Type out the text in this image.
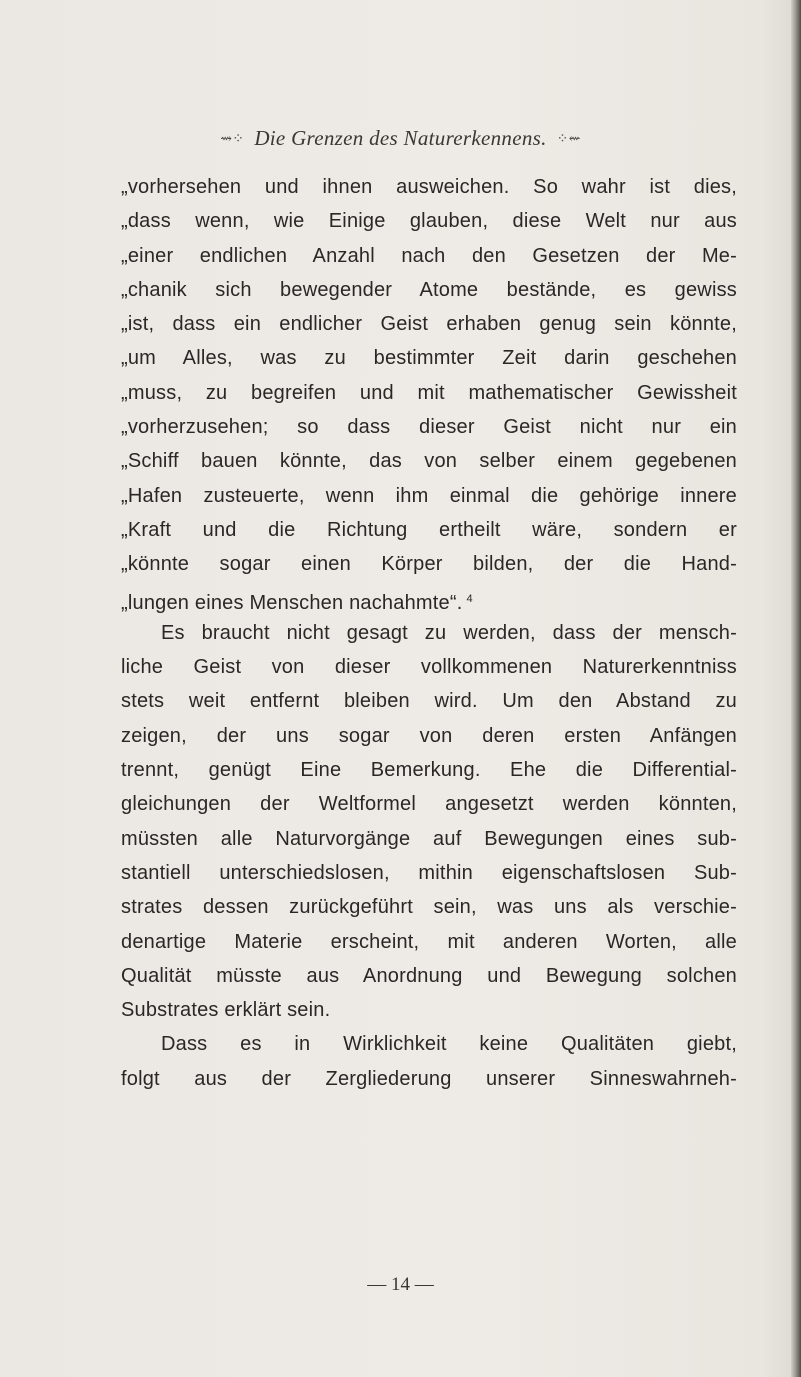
⇝⁘ Die Grenzen des Naturerkennens. ⁘⇜
„vorhersehen und ihnen ausweichen. So wahr ist dies,
„dass wenn, wie Einige glauben, diese Welt nur aus
„einer endlichen Anzahl nach den Gesetzen der Me-
„chanik sich bewegender Atome bestände, es gewiss
„ist, dass ein endlicher Geist erhaben genug sein könnte,
„um Alles, was zu bestimmter Zeit darin geschehen
„muss, zu begreifen und mit mathematischer Gewissheit
„vorherzusehen; so dass dieser Geist nicht nur ein
„Schiff bauen könnte, das von selber einem gegebenen
„Hafen zusteuerte, wenn ihm einmal die gehörige innere
„Kraft und die Richtung ertheilt wäre, sondern er
„könnte sogar einen Körper bilden, der die Hand-
„lungen eines Menschen nachahmte“. $^4$
Es braucht nicht gesagt zu werden, dass der mensch-
liche Geist von dieser vollkommenen Naturerkenntniss
stets weit entfernt bleiben wird. Um den Abstand zu
zeigen, der uns sogar von deren ersten Anfängen
trennt, genügt Eine Bemerkung. Ehe die Differential-
gleichungen der Weltformel angesetzt werden könnten,
müssten alle Naturvorgänge auf Bewegungen eines sub-
stantiell unterschiedslosen, mithin eigenschaftslosen Sub-
strates dessen zurückgeführt sein, was uns als verschie-
denartige Materie erscheint, mit anderen Worten, alle
Qualität müsste aus Anordnung und Bewegung solchen
Substrates erklärt sein.
Dass es in Wirklichkeit keine Qualitäten giebt,
folgt aus der Zergliederung unserer Sinneswahrneh-
— 14 —
